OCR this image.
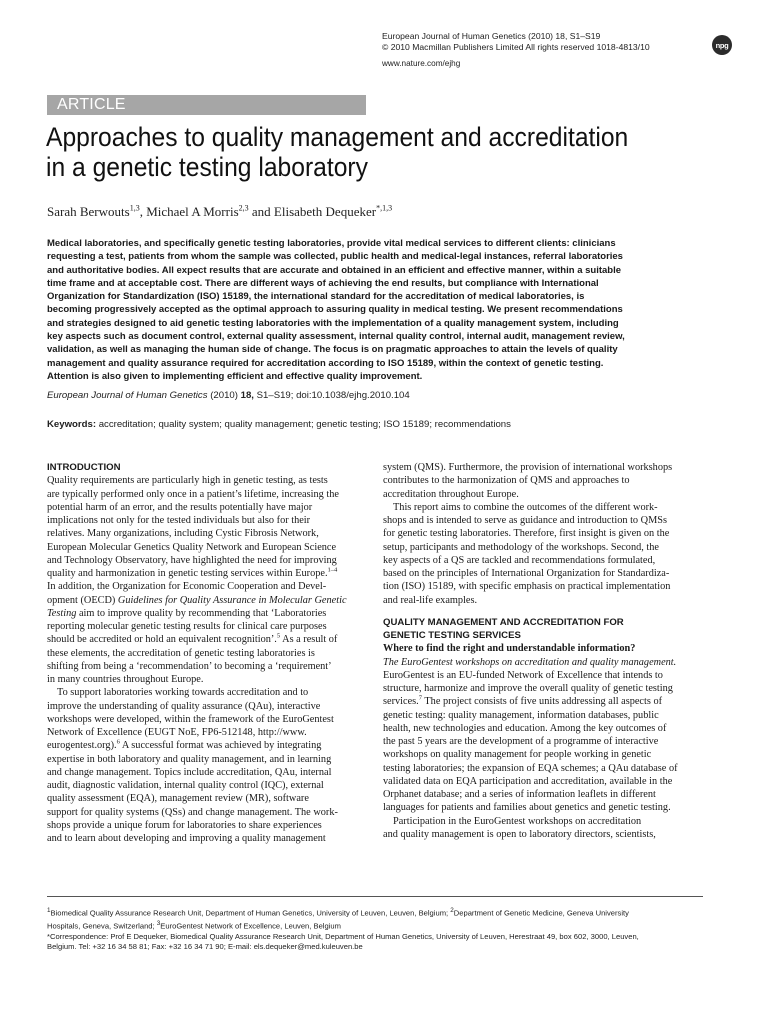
European Journal of Human Genetics (2010) 18, S1–S19
© 2010 Macmillan Publishers Limited All rights reserved 1018-4813/10
www.nature.com/ejhg
npg
ARTICLE
Approaches to quality management and accreditation
in a genetic testing laboratory
Sarah Berwouts$^{1,3}$, Michael A Morris$^{2,3}$ and Elisabeth Dequeker$^{*,1,3}$
Medical laboratories, and specifically genetic testing laboratories, provide vital medical services to different clients: clinicians
requesting a test, patients from whom the sample was collected, public health and medical-legal instances, referral laboratories
and authoritative bodies. All expect results that are accurate and obtained in an efficient and effective manner, within a suitable
time frame and at acceptable cost. There are different ways of achieving the end results, but compliance with International
Organization for Standardization (ISO) 15189, the international standard for the accreditation of medical laboratories, is
becoming progressively accepted as the optimal approach to assuring quality in medical testing. We present recommendations
and strategies designed to aid genetic testing laboratories with the implementation of a quality management system, including
key aspects such as document control, external quality assessment, internal quality control, internal audit, management review,
validation, as well as managing the human side of change. The focus is on pragmatic approaches to attain the levels of quality
management and quality assurance required for accreditation according to ISO 15189, within the context of genetic testing.
Attention is also given to implementing efficient and effective quality improvement.
European Journal of Human Genetics (2010) 18, S1–S19; doi:10.1038/ejhg.2010.104
Keywords: accreditation; quality system; quality management; genetic testing; ISO 15189; recommendations
INTRODUCTION
Quality requirements are particularly high in genetic testing, as tests
are typically performed only once in a patient’s lifetime, increasing the
potential harm of an error, and the results potentially have major
implications not only for the tested individuals but also for their
relatives. Many organizations, including Cystic Fibrosis Network,
European Molecular Genetics Quality Network and European Science
and Technology Observatory, have highlighted the need for improving
quality and harmonization in genetic testing services within Europe.$^{1-4}$
In addition, the Organization for Economic Cooperation and Devel-
opment (OECD) Guidelines for Quality Assurance in Molecular Genetic
Testing aim to improve quality by recommending that ‘Laboratories
reporting molecular genetic testing results for clinical care purposes
should be accredited or hold an equivalent recognition’.$^5$ As a result of
these elements, the accreditation of genetic testing laboratories is
shifting from being a ‘recommendation’ to becoming a ‘requirement’
in many countries throughout Europe.
To support laboratories working towards accreditation and to
improve the understanding of quality assurance (QAu), interactive
workshops were developed, within the framework of the EuroGentest
Network of Excellence (EUGT NoE, FP6-512148, http://www.
eurogentest.org).$^6$ A successful format was achieved by integrating
expertise in both laboratory and quality management, and in learning
and change management. Topics include accreditation, QAu, internal
audit, diagnostic validation, internal quality control (IQC), external
quality assessment (EQA), management review (MR), software
support for quality systems (QSs) and change management. The work-
shops provide a unique forum for laboratories to share experiences
and to learn about developing and improving a quality management
system (QMS). Furthermore, the provision of international workshops
contributes to the harmonization of QMS and approaches to
accreditation throughout Europe.
This report aims to combine the outcomes of the different work-
shops and is intended to serve as guidance and introduction to QMSs
for genetic testing laboratories. Therefore, first insight is given on the
setup, participants and methodology of the workshops. Second, the
key aspects of a QS are tackled and recommendations formulated,
based on the principles of International Organization for Standardiza-
tion (ISO) 15189, with specific emphasis on practical implementation
and real-life examples.
QUALITY MANAGEMENT AND ACCREDITATION FOR
GENETIC TESTING SERVICES
Where to find the right and understandable information?
The EuroGentest workshops on accreditation and quality management.
EuroGentest is an EU-funded Network of Excellence that intends to
structure, harmonize and improve the overall quality of genetic testing
services.$^7$ The project consists of five units addressing all aspects of
genetic testing: quality management, information databases, public
health, new technologies and education. Among the key outcomes of
the past 5 years are the development of a programme of interactive
workshops on quality management for people working in genetic
testing laboratories; the expansion of EQA schemes; a QAu database of
validated data on EQA participation and accreditation, available in the
Orphanet database; and a series of information leaflets in different
languages for patients and families about genetics and genetic testing.
Participation in the EuroGentest workshops on accreditation
and quality management is open to laboratory directors, scientists,
$^1$Biomedical Quality Assurance Research Unit, Department of Human Genetics, University of Leuven, Leuven, Belgium; $^2$Department of Genetic Medicine, Geneva University
Hospitals, Geneva, Switzerland; $^3$EuroGentest Network of Excellence, Leuven, Belgium
*Correspondence: Prof E Dequeker, Biomedical Quality Assurance Research Unit, Department of Human Genetics, University of Leuven, Herestraat 49, box 602, 3000, Leuven,
Belgium. Tel: +32 16 34 58 81; Fax: +32 16 34 71 90; E-mail: els.dequeker@med.kuleuven.be
